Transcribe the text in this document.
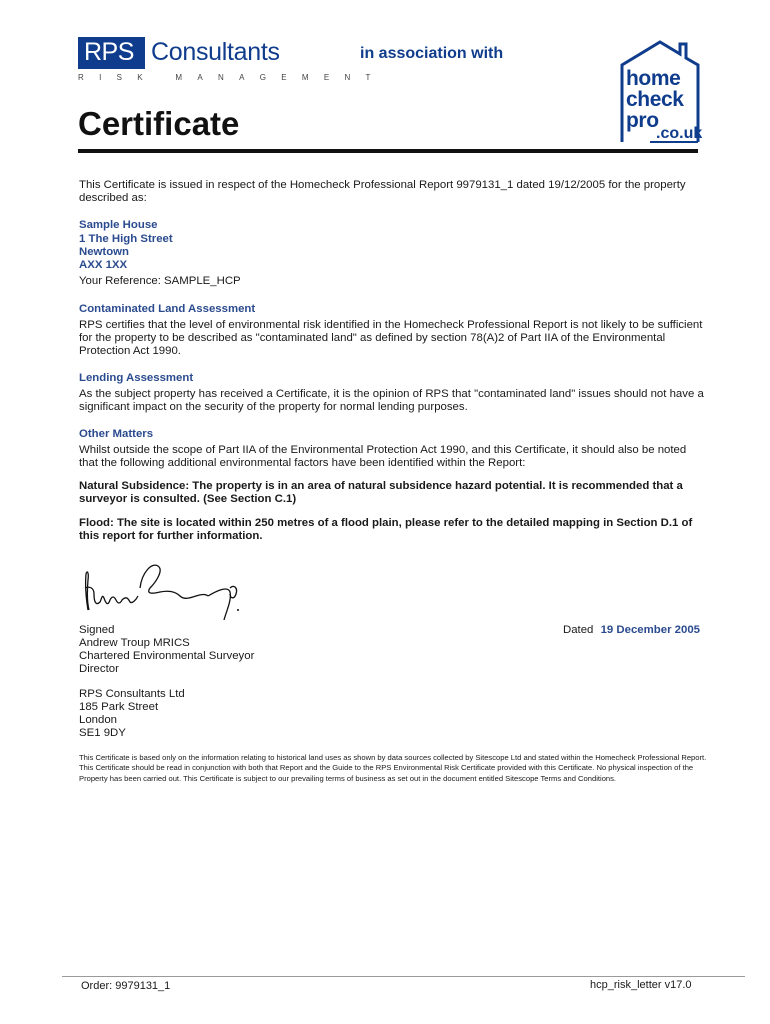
RPS Consultants
RISK MANAGEMENT
in association with
home
check
pro
.co.uk
Certificate
This Certificate is issued in respect of the Homecheck Professional Report 9979131_1 dated 19/12/2005 for the property described as:
Sample House
1 The High Street
Newtown
AXX 1XX
Your Reference: SAMPLE_HCP
Contaminated Land Assessment
RPS certifies that the level of environmental risk identified in the Homecheck Professional Report is not likely to be sufficient for the property to be described as "contaminated land" as defined by section 78(A)2 of Part IIA of the Environmental Protection Act 1990.
Lending Assessment
As the subject property has received a Certificate, it is the opinion of RPS that "contaminated land" issues should not have a significant impact on the security of the property for normal lending purposes.
Other Matters
Whilst outside the scope of Part IIA of the Environmental Protection Act 1990, and this Certificate, it should also be noted that the following additional environmental factors have been identified within the Report:
Natural Subsidence: The property is in an area of natural subsidence hazard potential. It is recommended that a surveyor is consulted. (See Section C.1)
Flood: The site is located within 250 metres of a flood plain, please refer to the detailed mapping in Section D.1 of this report for further information.
Signed
Andrew Troup MRICS
Chartered Environmental Surveyor
Director
Dated 19 December 2005
RPS Consultants Ltd
185 Park Street
London
SE1 9DY
This Certificate is based only on the information relating to historical land uses as shown by data sources collected by Sitescope Ltd and stated within the Homecheck Professional Report. This Certificate should be read in conjunction with both that Report and the Guide to the RPS Environmental Risk Certificate provided with this Certificate. No physical inspection of the Property has been carried out. This Certificate is subject to our prevailing terms of business as set out in the document entitled Sitescope Terms and Conditions.
Order: 9979131_1	hcp_risk_letter v17.0
